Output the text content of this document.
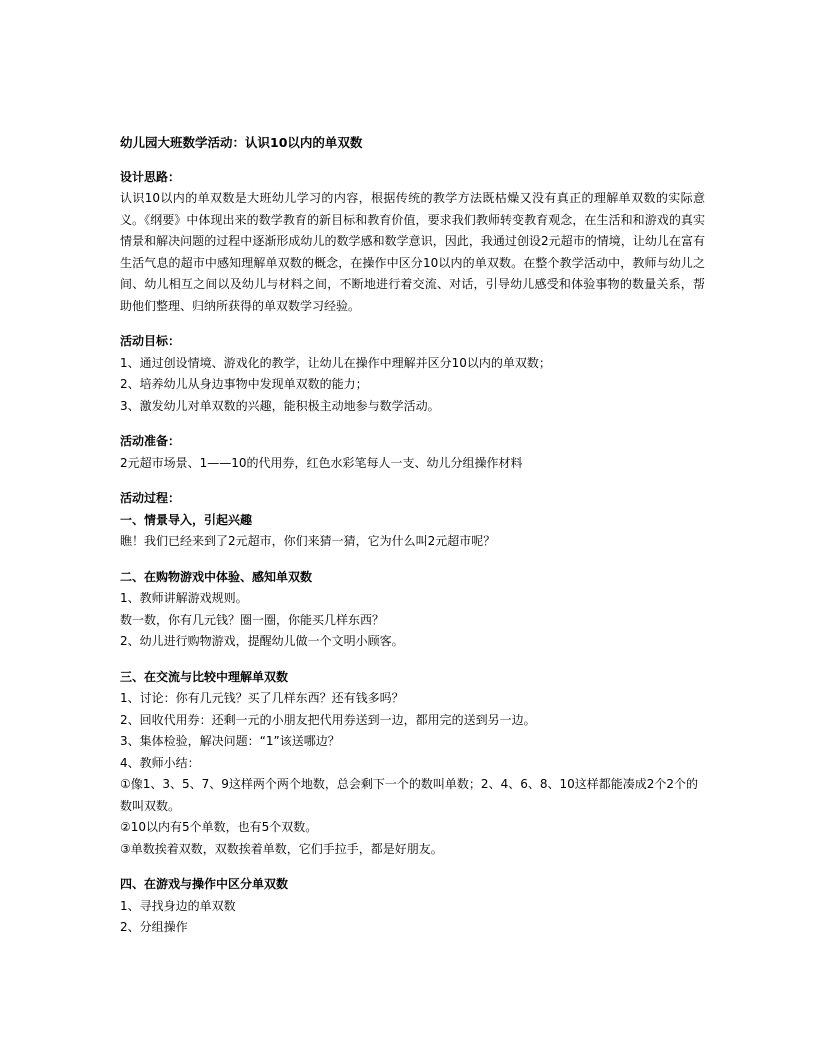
幼儿园大班数学活动：认识10以内的单双数

设计思路：

认识10以内的单双数是大班幼儿学习的内容，根据传统的教学方法既枯燥又没有真正的理解单双数的实际意义。《纲要》中体现出来的数学教育的新目标和教育价值，要求我们教师转变教育观念，在生活和和游戏的真实情景和解决问题的过程中逐渐形成幼儿的数学感和数学意识，因此，我通过创设2元超市的情境，让幼儿在富有生活气息的超市中感知理解单双数的概念，在操作中区分10以内的单双数。在整个教学活动中，教师与幼儿之间、幼儿相互之间以及幼儿与材料之间，不断地进行着交流、对话，引导幼儿感受和体验事物的数量关系，帮助他们整理、归纳所获得的单双数学习经验。

活动目标：

1、通过创设情境、游戏化的教学，让幼儿在操作中理解并区分10以内的单双数；

2、培养幼儿从身边事物中发现单双数的能力；

3、激发幼儿对单双数的兴趣，能积极主动地参与数学活动。

活动准备：

2元超市场景、1——10的代用券，红色水彩笔每人一支、幼儿分组操作材料

活动过程：

一、情景导入，引起兴趣

瞧！我们已经来到了2元超市，你们来猜一猜，它为什么叫2元超市呢？

二、在购物游戏中体验、感知单双数

1、教师讲解游戏规则。

数一数，你有几元钱？圈一圈，你能买几样东西？

2、幼儿进行购物游戏，提醒幼儿做一个文明小顾客。

三、在交流与比较中理解单双数

1、讨论：你有几元钱？买了几样东西？还有钱多吗？

2、回收代用券：还剩一元的小朋友把代用券送到一边，都用完的送到另一边。

3、集体检验，解决问题：“1”该送哪边？

4、教师小结：

①像1、3、5、7、9这样两个两个地数，总会剩下一个的数叫单数；2、4、6、8、10这样都能凑成2个2个的数叫双数。

②10以内有5个单数，也有5个双数。

③单数挨着双数，双数挨着单数，它们手拉手，都是好朋友。

四、在游戏与操作中区分单双数

1、寻找身边的单双数

2、分组操作
